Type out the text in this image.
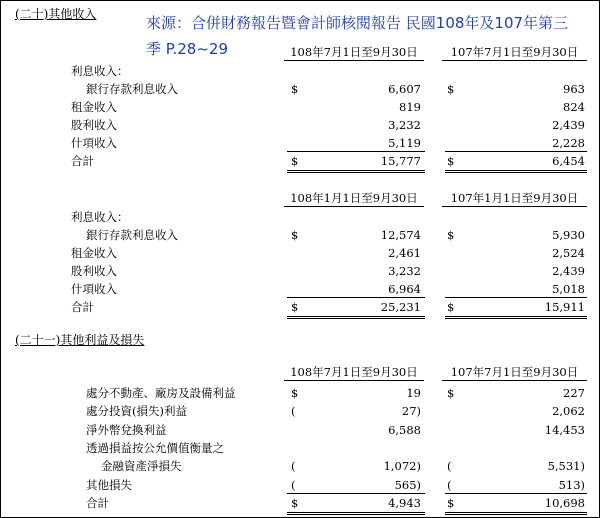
(二十)其他收入	來源：合併財務報告暨會計師核閱報告 民國108年及107年第三
季 P.28~29	108年7月1日至9月30日	107年7月1日至9月30日
利息收入：
銀行存款利息收入	$	6,607 $	963
租金收入	819	824
股利收入	3,232	2,439
什項收入	5,119	2,228
合計	$	15,777 $	6,454
108年1月1日至9月30日	107年1月1日至9月30日
利息收入：
銀行存款利息收入	$	12,574 $	5,930
租金收入	2,461	2,524
股利收入	3,232	2,439
什項收入	6,964	5,018
合計	$	25,231 $	15,911
(二十一)其他利益及損失
108年7月1日至9月30日	107年7月1日至9月30日
處分不動產、廠房及設備利益	$	19 $	227
處分投資(損失)利益	(	27)	2,062
淨外幣兌換利益	6,588	14,453
透過損益按公允價值衡量之
金融資產淨損失	(	1,072) (	5,531)
其他損失	(	565) (	513)
合計	$	4,943 $	10,698
